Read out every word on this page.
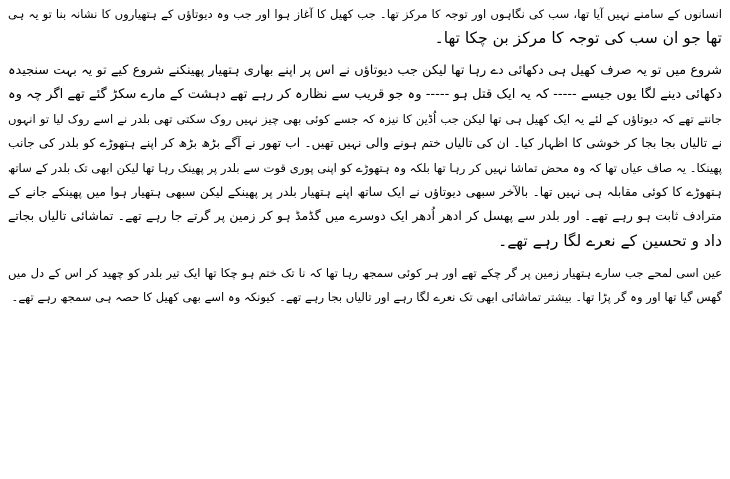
انسانوں کے سامنے نہیں آیا تھا، سب کی نگاہوں اور توجہ کا مرکز تھا۔ جب کھیل کا آغاز ہوا اور جب وہ دیوتاؤں کے ہتھیاروں کا نشانہ بنا تو یہ ہی
تھا جو ان سب کی توجہ کا مرکز بن چکا تھا۔
شروع میں تو یہ صرف کھیل ہی دکھائی دے رہا تھا لیکن جب دیوتاؤں نے اس پر اپنے بھاری ہتھیار پھینکنے شروع کیے تو یہ بہت سنجیدہ
دکھائی دینے لگا یوں جیسے ----- کہ یہ ایک قتل ہو ----- وہ جو قریب سے نظارہ کر رہے تھے دہشت کے مارے سکڑ گئے تھے اگر چہ وہ
جانتے تھے کہ دیوتاؤں کے لئے یہ ایک کھیل ہی تھا لیکن جب اُڈین کا نیزہ کہ جسے کوئی بھی چیز نہیں روک سکتی تھی بلدر نے اسے روک لیا تو انہوں
نے تالیاں بجا بجا کر خوشی کا اظہار کیا۔ ان کی تالیاں ختم ہونے والی نہیں تھیں۔ اب تھور نے آگے بڑھ بڑھ کر اپنے ہتھوڑے کو بلدر کی جانب
پھینکا۔ یہ صاف عیاں تھا کہ وہ محض تماشا نہیں کر رہا تھا بلکہ وہ ہتھوڑے کو اپنی پوری قوت سے بلدر پر پھینک رہا تھا لیکن ابھی تک بلدر کے ساتھ
ہتھوڑے کا کوئی مقابلہ ہی نہیں تھا۔ بالآخر سبھی دیوتاؤں نے ایک ساتھ اپنے ہتھیار بلدر پر پھینکے لیکن سبھی ہتھیار ہوا میں پھینکے جانے کے
مترادف ثابت ہو رہے تھے۔ اور بلدر سے پھسل کر ادھر اُدھر ایک دوسرے میں گڈمڈ ہو کر زمین پر گرتے جا رہے تھے۔ تماشائی تالیاں بجاتے
داد و تحسین کے نعرے لگا رہے تھے۔
عین اسی لمحے جب سارے ہتھیار زمین پر گر چکے تھے اور ہر کوئی سمجھ رہا تھا کہ نا تک ختم ہو چکا تھا ایک تیر بلدر کو چھید کر اس کے دل میں
گھس گیا تھا اور وہ گر پڑا تھا۔ بیشتر تماشائی ابھی تک نعرے لگا رہے اور تالیاں بجا رہے تھے۔ کیونکہ وہ اسے بھی کھیل کا حصہ ہی سمجھ رہے تھے۔
